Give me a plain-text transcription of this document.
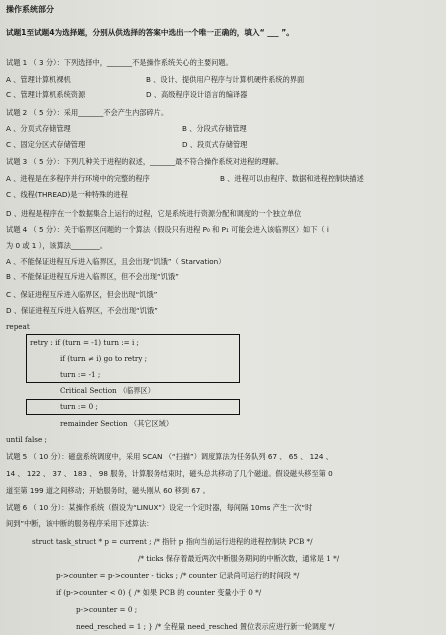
操作系统部分
试题1至试题4为选择题，分别从供选择的答案中选出一个唯一正确的，填入“ ___ ”。
试题 1 （ 3 分）：下列选择中，_______不是操作系统关心的主要问题。
A 、管理计算机裸机	B 、设计、提供用户程序与计算机硬件系统的界面
C 、管理计算机系统资源	D 、高级程序设计语言的编译器
试题 2 （ 5 分）：采用_______不会产生内部碎片。
A 、分页式存储管理	B 、分段式存储管理
C 、固定分区式存储管理	D 、段页式存储管理
试题 3 （ 5 分）：下列几种关于进程的叙述，_______最不符合操作系统对进程的理解。
A 、进程是在多程序并行环境中的完整的程序	B 、进程可以由程序、数据和进程控制块描述
C 、线程(THREAD)是一种特殊的进程
D 、进程是程序在一个数据集合上运行的过程，它是系统进行资源分配和调度的一个独立单位
试题 4 （ 5 分）：关于临界区问题的一个算法（假设只有进程 P₀ 和 P₁ 可能会进入该临界区）如下（ i
为 0 或 1 ），该算法________。
A 、不能保证进程互斥进入临界区，且会出现“饥饿”（ Starvation）
B 、不能保证进程互斥进入临界区，但不会出现“饥饿”
C 、保证进程互斥进入临界区，但会出现“饥饿”
D 、保证进程互斥进入临界区，不会出现“饥饿”
repeat
retry : if (turn = -1) turn := i ;
if (turn ≠ i) go to retry ;
turn := -1 ;
Critical Section （临界区）
turn := 0 ;
remainder Section （其它区域）
until false ;
试题 5 （ 10 分）：磁盘系统调度中，采用 SCAN （“扫描”）调度算法为任务队列 67 、 65 、 124 、
14 、 122 、 37 、 183 、 98 服务，计算服务结束时，磁头总共移动了几个磁道。假设磁头移至第 0
道至第 199 道之间移动；开始服务时，磁头刚从 60 移到 67 。
试题 6 （ 10 分）：某操作系统（假设为“LINUX”）设定一个定时器，每间隔 10ms 产生一次“时
间到”中断，该中断的服务程序采用下述算法：
struct task_struct * p = current ; /* 指针 p 指向当前运行进程的进程控制块 PCB */
/* ticks 保存着最近两次中断服务期间的中断次数，通常是 1 */
p->counter = p->counter - ticks ; /* counter 记录尚可运行的时间段 */
if (p->counter < 0) { /* 如果 PCB 的 counter 变量小于 0 */
p->counter = 0 ;
need_resched = 1 ; } /* 全程量 need_resched 置位表示应进行新一轮调度 */
